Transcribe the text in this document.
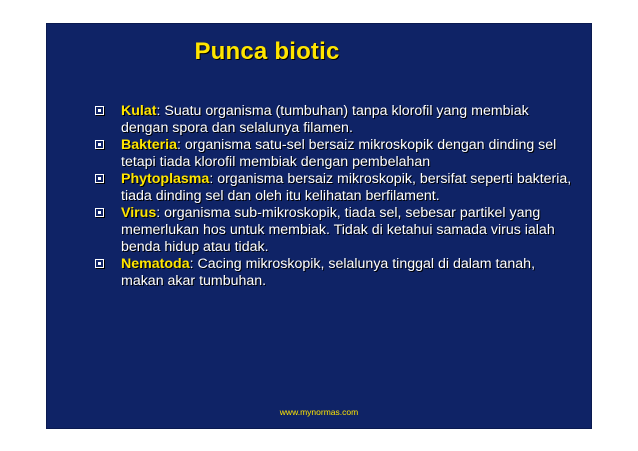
Punca biotic
Kulat: Suatu organisma (tumbuhan) tanpa klorofil yang membiak dengan spora dan selalunya filamen.
Bakteria: organisma satu-sel bersaiz mikroskopik dengan dinding sel tetapi tiada klorofil membiak dengan pembelahan
Phytoplasma: organisma bersaiz mikroskopik, bersifat seperti bakteria, tiada dinding sel dan oleh itu kelihatan berfilament.
Virus: organisma sub-mikroskopik, tiada sel, sebesar partikel yang memerlukan hos untuk membiak. Tidak di ketahui samada virus ialah benda hidup atau tidak.
Nematoda: Cacing mikroskopik, selalunya tinggal di dalam tanah, makan akar tumbuhan.

www.mynormas.com
